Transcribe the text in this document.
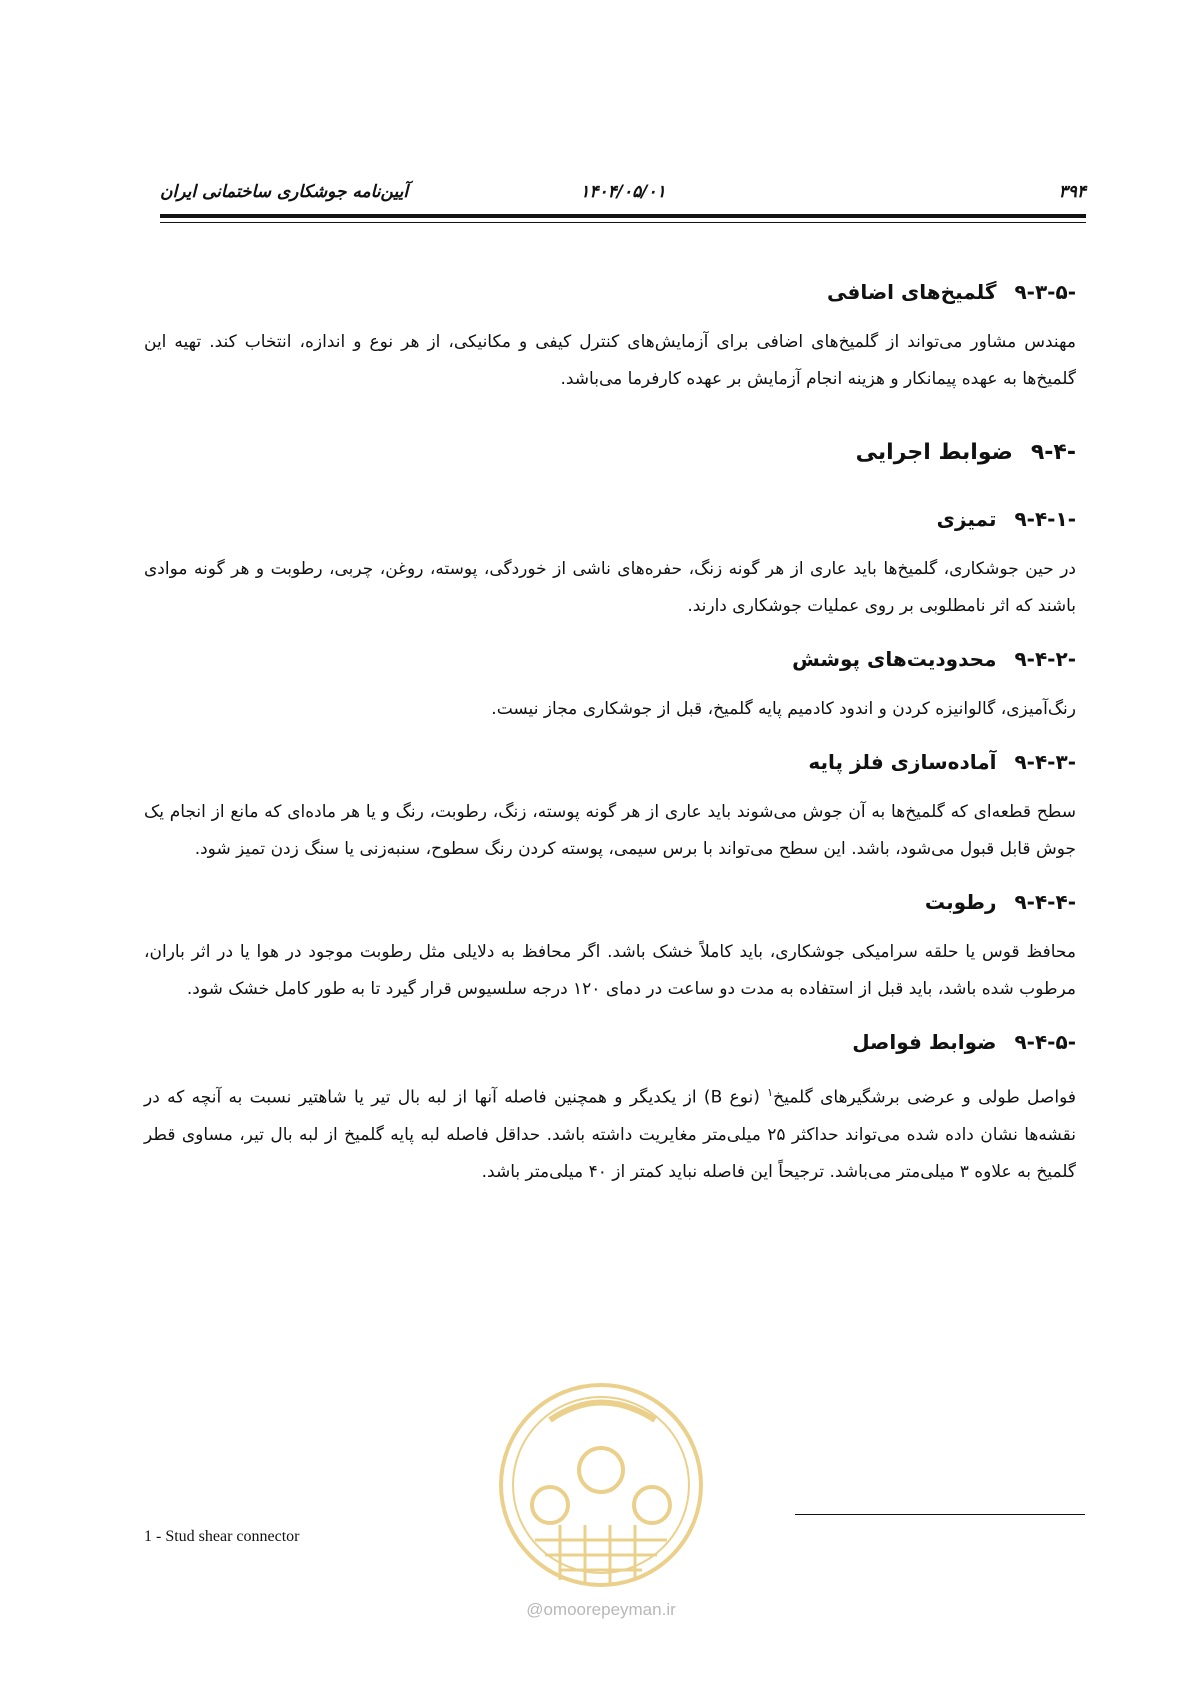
۳۹۴
۱۴۰۴/۰۵/۰۱
آیین‌نامه جوشکاری ساختمانی ایران
۹-۳-۵-
گلمیخ‌های اضافی

مهندس مشاور می‌تواند از گلمیخ‌های اضافی برای آزمایش‌های کنترل کیفی و مکانیکی، از هر نوع و اندازه، انتخاب کند. تهیه این گلمیخ‌ها به عهده پیمانکار و هزینه انجام آزمایش بر عهده کارفرما می‌باشد.

۹-۴-
ضوابط اجرایی
۹-۴-۱-
تمیزی

در حین جوشکاری، گلمیخ‌ها باید عاری از هر گونه زنگ، حفره‌های ناشی از خوردگی، پوسته، روغن، چربی، رطوبت و هر گونه موادی باشند که اثر نامطلوبی بر روی عملیات جوشکاری دارند.

۹-۴-۲-
محدودیت‌های پوشش

رنگ‌آمیزی، گالوانیزه کردن و اندود کادمیم پایه گلمیخ، قبل از جوشکاری مجاز نیست.

۹-۴-۳-
آماده‌سازی فلز پایه

سطح قطعه‌ای که گلمیخ‌ها به آن جوش می‌شوند باید عاری از هر گونه پوسته، زنگ، رطوبت، رنگ و یا هر ماده‌ای که مانع از انجام یک جوش قابل قبول می‌شود، باشد. این سطح می‌تواند با برس سیمی، پوسته کردن رنگ سطوح، سنبه‌زنی یا سنگ زدن تمیز شود.

۹-۴-۴-
رطوبت

محافظ قوس یا حلقه سرامیکی جوشکاری، باید کاملاً خشک باشد. اگر محافظ به دلایلی مثل رطوبت موجود در هوا یا در اثر باران، مرطوب شده باشد، باید قبل از استفاده به مدت دو ساعت در دمای ۱۲۰ درجه سلسیوس قرار گیرد تا به طور کامل خشک شود.

۹-۴-۵-
ضوابط فواصل

فواصل طولی و عرضی برشگیرهای گلمیخ$^۱$ (نوع B) از یکدیگر و همچنین فاصله آنها از لبه بال تیر یا شاهتیر نسبت به آنچه که در نقشه‌ها نشان داده شده می‌تواند حداکثر ۲۵ میلی‌متر مغایریت داشته باشد. حداقل فاصله لبه پایه گلمیخ از لبه بال تیر، مساوی قطر گلمیخ به علاوه ۳ میلی‌متر می‌باشد. ترجیحاً این فاصله نباید کمتر از ۴۰ میلی‌متر باشد.

@omoorepeyman.ir
1 - Stud shear connector
